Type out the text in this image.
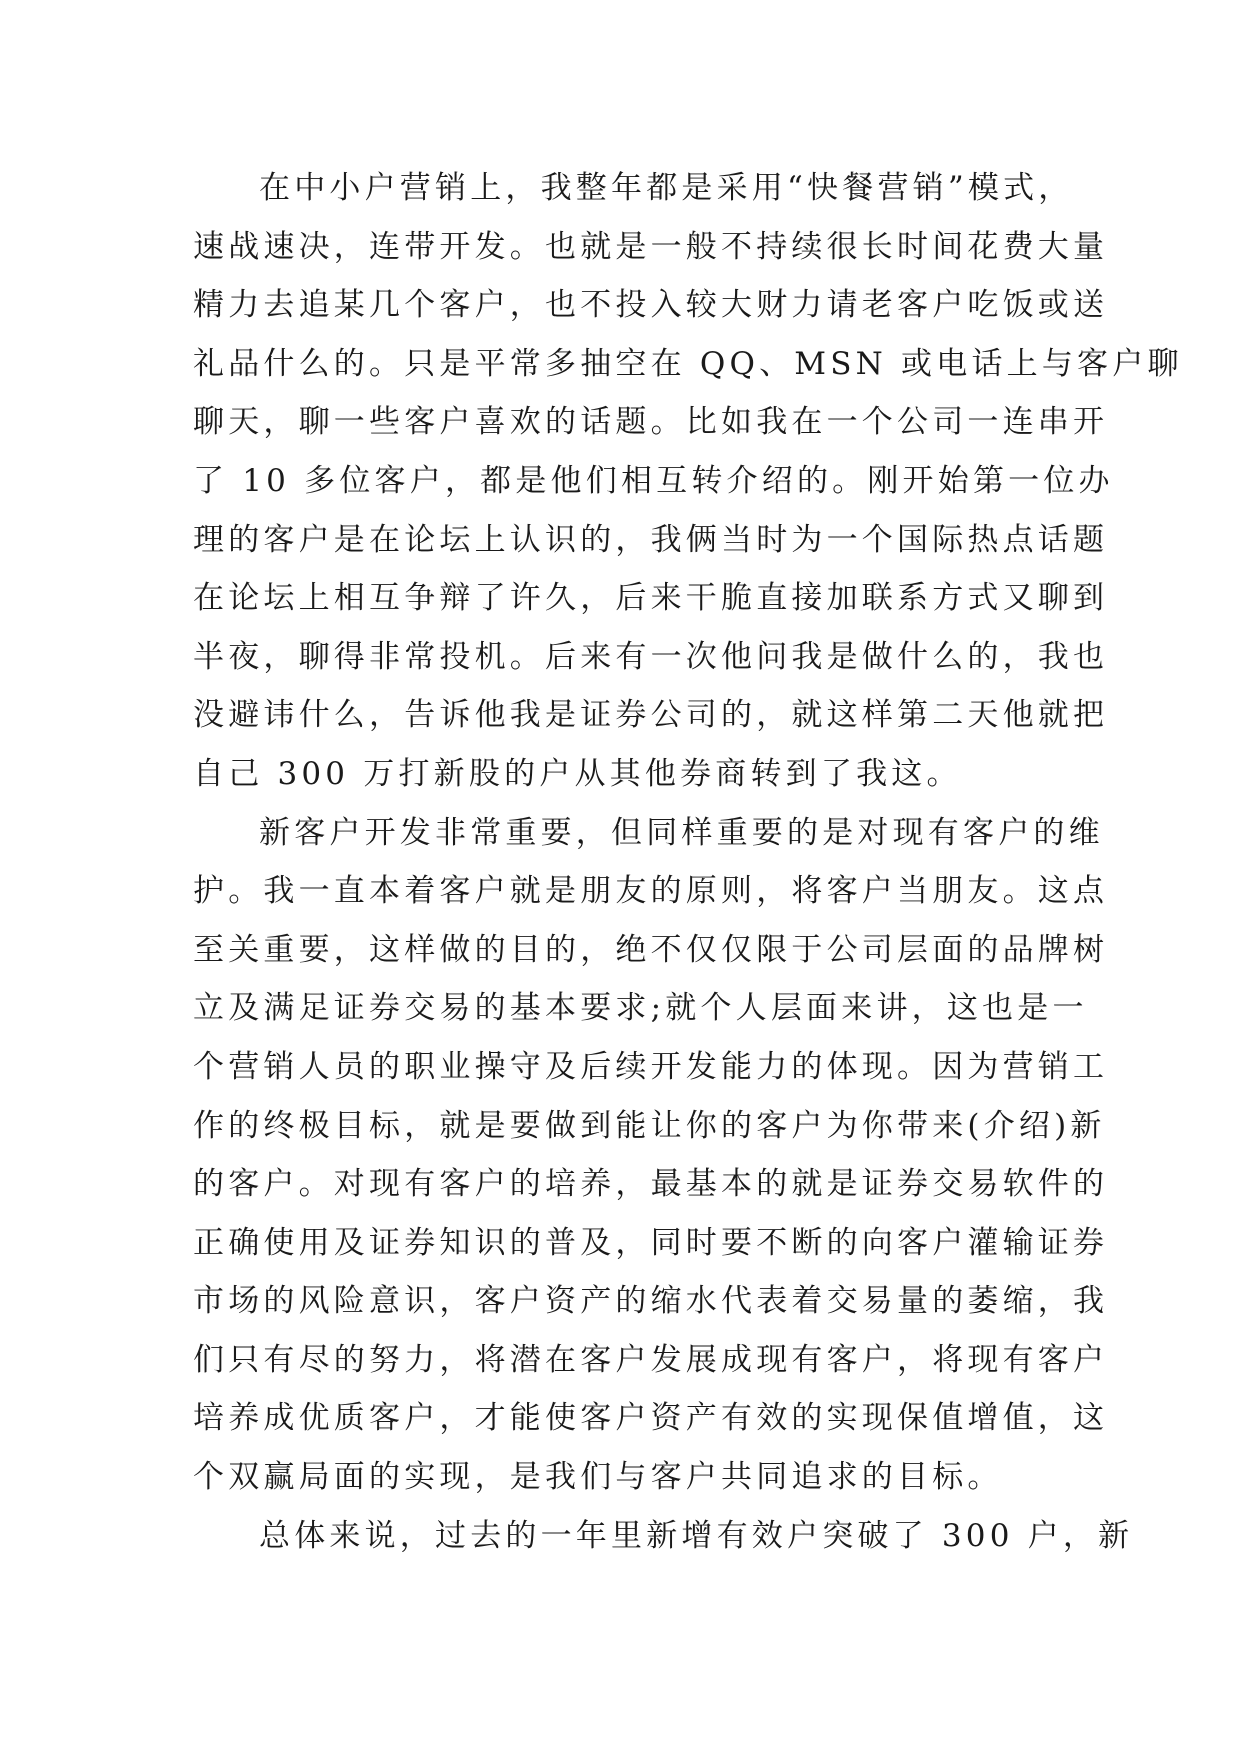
在中小户营销上，我整年都是采用“快餐营销”模式，
速战速决，连带开发。也就是一般不持续很长时间花费大量
精力去追某几个客户，也不投入较大财力请老客户吃饭或送
礼品什么的。只是平常多抽空在 QQ、MSN 或电话上与客户聊
聊天，聊一些客户喜欢的话题。比如我在一个公司一连串开
了 10 多位客户，都是他们相互转介绍的。刚开始第一位办
理的客户是在论坛上认识的，我俩当时为一个国际热点话题
在论坛上相互争辩了许久，后来干脆直接加联系方式又聊到
半夜，聊得非常投机。后来有一次他问我是做什么的，我也
没避讳什么，告诉他我是证券公司的，就这样第二天他就把
自己 300 万打新股的户从其他券商转到了我这。
新客户开发非常重要，但同样重要的是对现有客户的维
护。我一直本着客户就是朋友的原则，将客户当朋友。这点
至关重要，这样做的目的，绝不仅仅限于公司层面的品牌树
立及满足证券交易的基本要求;就个人层面来讲，这也是一
个营销人员的职业操守及后续开发能力的体现。因为营销工
作的终极目标，就是要做到能让你的客户为你带来(介绍)新
的客户。对现有客户的培养，最基本的就是证券交易软件的
正确使用及证券知识的普及，同时要不断的向客户灌输证券
市场的风险意识，客户资产的缩水代表着交易量的萎缩，我
们只有尽的努力，将潜在客户发展成现有客户，将现有客户
培养成优质客户，才能使客户资产有效的实现保值增值，这
个双赢局面的实现，是我们与客户共同追求的目标。
总体来说，过去的一年里新增有效户突破了 300 户，新
